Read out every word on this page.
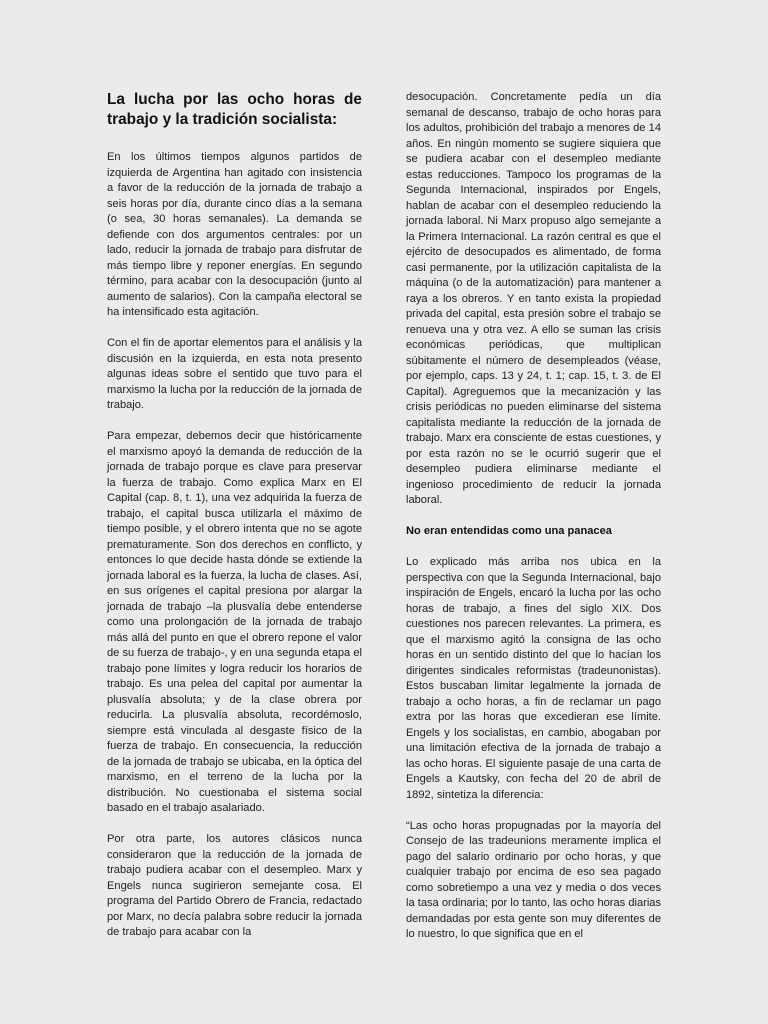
La lucha por las ocho horas de trabajo y la tradición socialista:

En los últimos tiempos algunos partidos de izquierda de Argentina han agitado con insistencia a favor de la reducción de la jornada de trabajo a seis horas por día, durante cinco días a la semana (o sea, 30 horas semanales). La demanda se defiende con dos argumentos centrales: por un lado, reducir la jornada de trabajo para disfrutar de más tiempo libre y reponer energías. En segundo término, para acabar con la desocupación (junto al aumento de salarios). Con la campaña electoral se ha intensificado esta agitación.

Con el fin de aportar elementos para el análisis y la discusión en la izquierda, en esta nota presento algunas ideas sobre el sentido que tuvo para el marxismo la lucha por la reducción de la jornada de trabajo.

Para empezar, debemos decir que históricamente el marxismo apoyó la demanda de reducción de la jornada de trabajo porque es clave para preservar la fuerza de trabajo. Como explica Marx en El Capital (cap. 8, t. 1), una vez adquirida la fuerza de trabajo, el capital busca utilizarla el máximo de tiempo posible, y el obrero intenta que no se agote prematuramente. Son dos derechos en conflicto, y entonces lo que decide hasta dónde se extiende la jornada laboral es la fuerza, la lucha de clases. Así, en sus orígenes el capital presiona por alargar la jornada de trabajo –la plusvalía debe entenderse como una prolongación de la jornada de trabajo más allá del punto en que el obrero repone el valor de su fuerza de trabajo-, y en una segunda etapa el trabajo pone límites y logra reducir los horarios de trabajo. Es una pelea del capital por aumentar la plusvalía absoluta; y de la clase obrera por reducirla. La plusvalía absoluta, recordémoslo, siempre está vinculada al desgaste físico de la fuerza de trabajo. En consecuencia, la reducción de la jornada de trabajo se ubicaba, en la óptica del marxismo, en el terreno de la lucha por la distribución. No cuestionaba el sistema social basado en el trabajo asalariado.

Por otra parte, los autores clásicos nunca consideraron que la reducción de la jornada de trabajo pudiera acabar con el desempleo. Marx y Engels nunca sugirieron semejante cosa. El programa del Partido Obrero de Francia, redactado por Marx, no decía palabra sobre reducir la jornada de trabajo para acabar con la

desocupación. Concretamente pedía un día semanal de descanso, trabajo de ocho horas para los adultos, prohibición del trabajo a menores de 14 años. En ningún momento se sugiere siquiera que se pudiera acabar con el desempleo mediante estas reducciones. Tampoco los programas de la Segunda Internacional, inspirados por Engels, hablan de acabar con el desempleo reduciendo la jornada laboral. Ni Marx propuso algo semejante a la Primera Internacional. La razón central es que el ejército de desocupados es alimentado, de forma casi permanente, por la utilización capitalista de la máquina (o de la automatización) para mantener a raya a los obreros. Y en tanto exista la propiedad privada del capital, esta presión sobre el trabajo se renueva una y otra vez. A ello se suman las crisis económicas periódicas, que multiplican súbitamente el número de desempleados (véase, por ejemplo, caps. 13 y 24, t. 1; cap. 15, t. 3. de El Capital). Agreguemos que la mecanización y las crisis periódicas no pueden eliminarse del sistema capitalista mediante la reducción de la jornada de trabajo. Marx era consciente de estas cuestiones, y por esta razón no se le ocurrió sugerir que el desempleo pudiera eliminarse mediante el ingenioso procedimiento de reducir la jornada laboral.

No eran entendidas como una panacea

Lo explicado más arriba nos ubica en la perspectiva con que la Segunda Internacional, bajo inspiración de Engels, encaró la lucha por las ocho horas de trabajo, a fines del siglo XIX. Dos cuestiones nos parecen relevantes. La primera, es que el marxismo agitó la consigna de las ocho horas en un sentido distinto del que lo hacían los dirigentes sindicales reformistas (tradeunonistas). Estos buscaban limitar legalmente la jornada de trabajo a ocho horas, a fin de reclamar un pago extra por las horas que excedieran ese límite. Engels y los socialistas, en cambio, abogaban por una limitación efectiva de la jornada de trabajo a las ocho horas. El siguiente pasaje de una carta de Engels a Kautsky, con fecha del 20 de abril de 1892, sintetiza la diferencia:

“Las ocho horas propugnadas por la mayoría del Consejo de las tradeunions meramente implica el pago del salario ordinario por ocho horas, y que cualquier trabajo por encima de eso sea pagado como sobretiempo a una vez y media o dos veces la tasa ordinaria; por lo tanto, las ocho horas diarias demandadas por esta gente son muy diferentes de lo nuestro, lo que significa que en el
